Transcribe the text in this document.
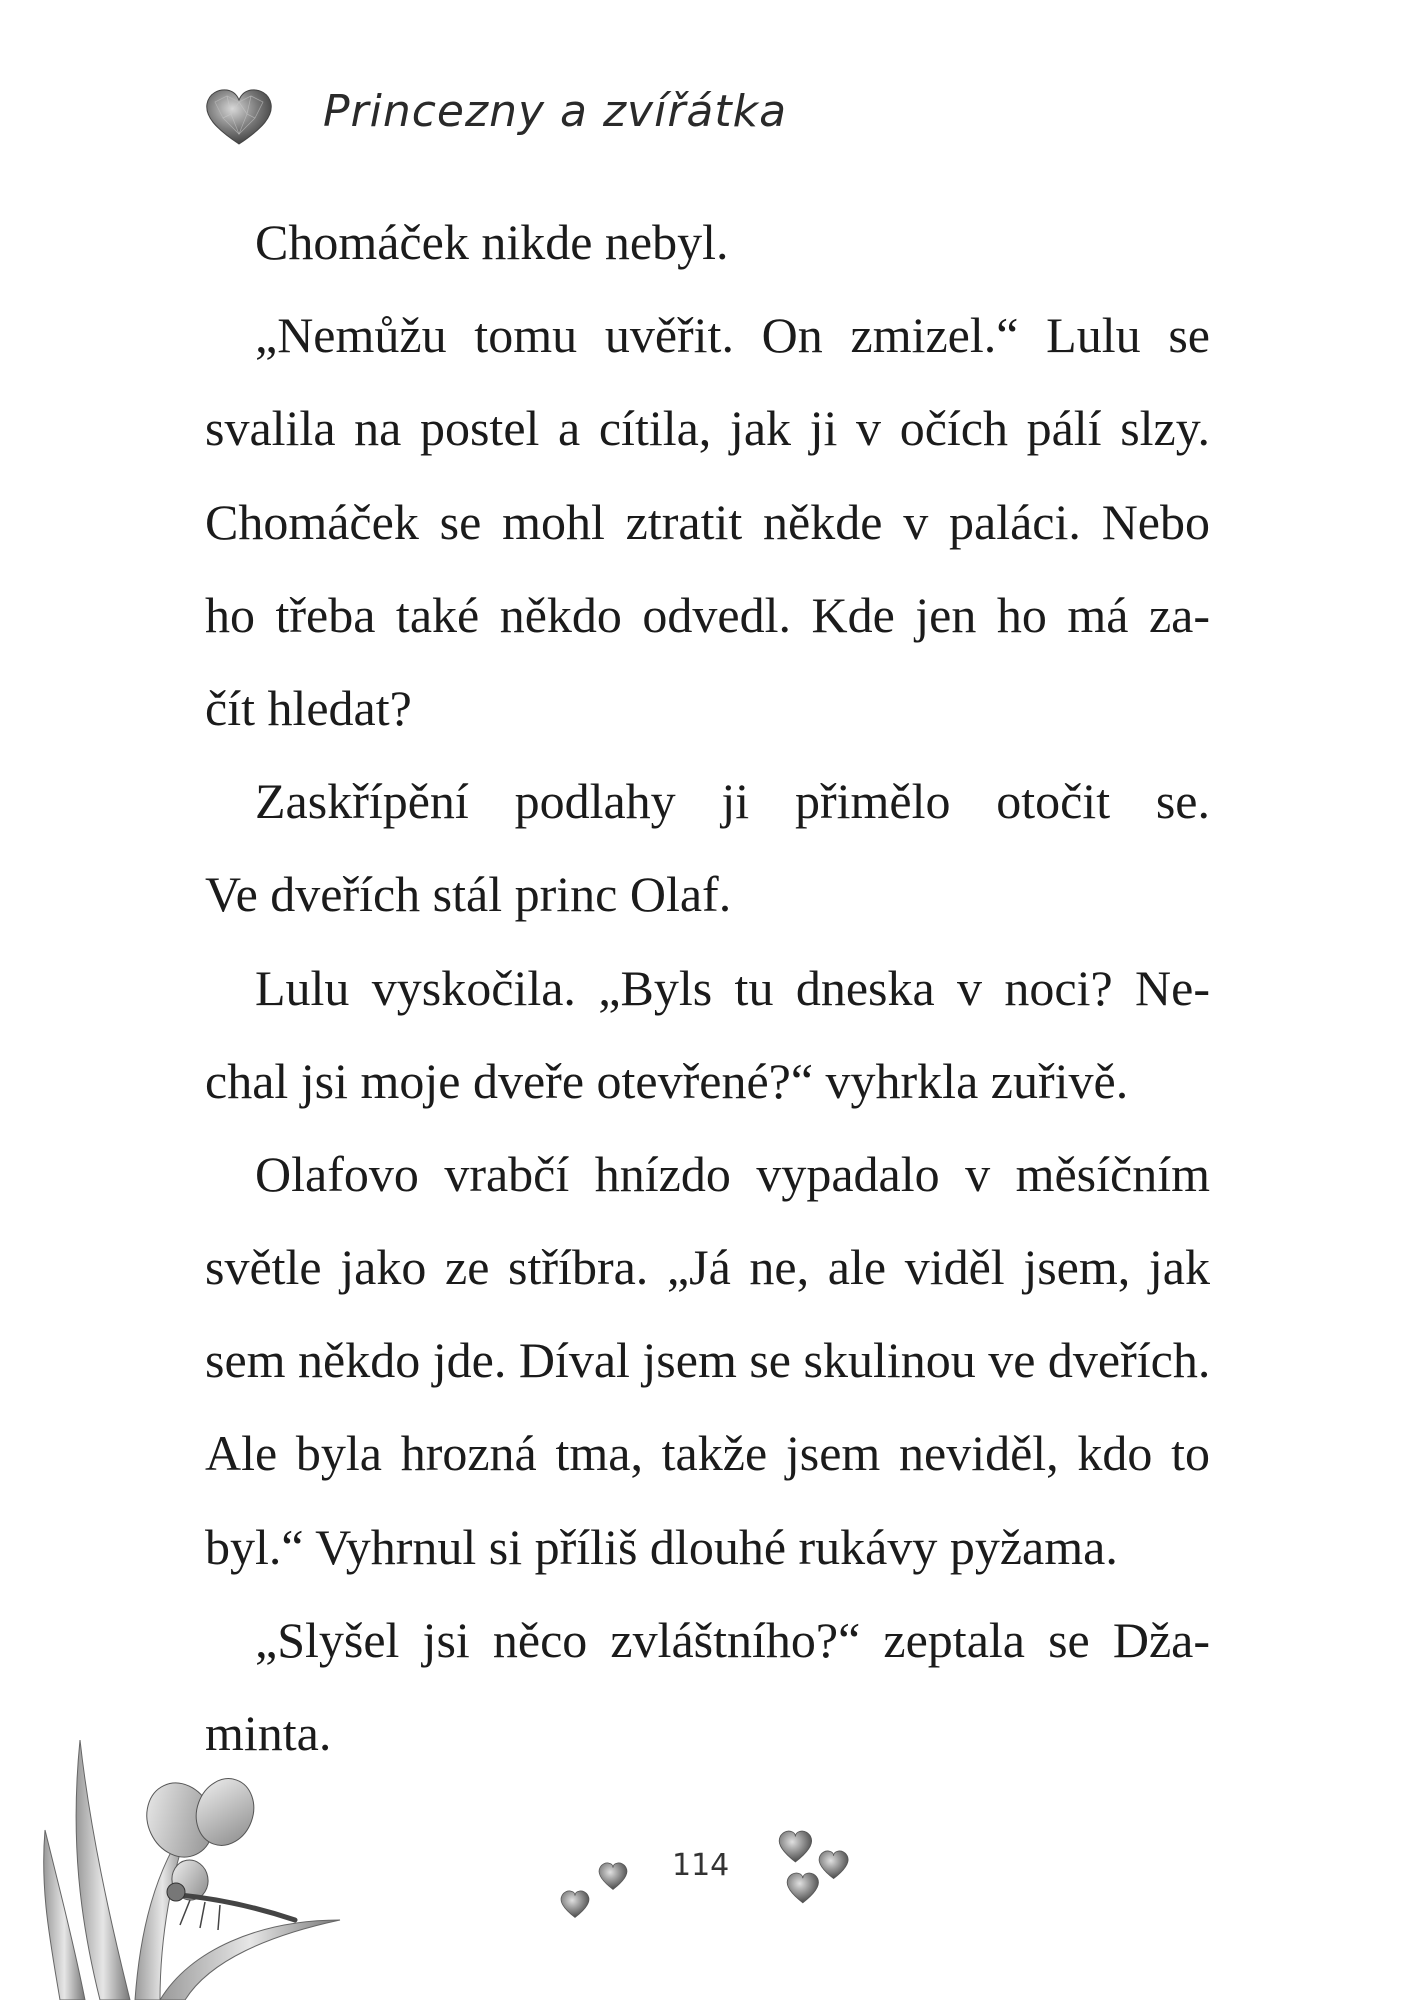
Princezny a zvířátka
Chomáček nikde nebyl.
„Nemůžu tomu uvěřit. On zmizel.“ Lulu se
svalila na postel a cítila, jak ji v očích pálí slzy.
Chomáček se mohl ztratit někde v paláci. Nebo
ho třeba také někdo odvedl. Kde jen ho má za-
čít hledat?
Zaskřípění podlahy ji přimělo otočit se.
Ve dveřích stál princ Olaf.
Lulu vyskočila. „Byls tu dneska v noci? Ne-
chal jsi moje dveře otevřené?“ vyhrkla zuřivě.
Olafovo vrabčí hnízdo vypadalo v měsíčním
světle jako ze stříbra. „Já ne, ale viděl jsem, jak
sem někdo jde. Díval jsem se skulinou ve dveřích.
Ale byla hrozná tma, takže jsem neviděl, kdo to
byl.“ Vyhrnul si příliš dlouhé rukávy pyžama.
„Slyšel jsi něco zvláštního?“ zeptala se Dža-
minta.
114
